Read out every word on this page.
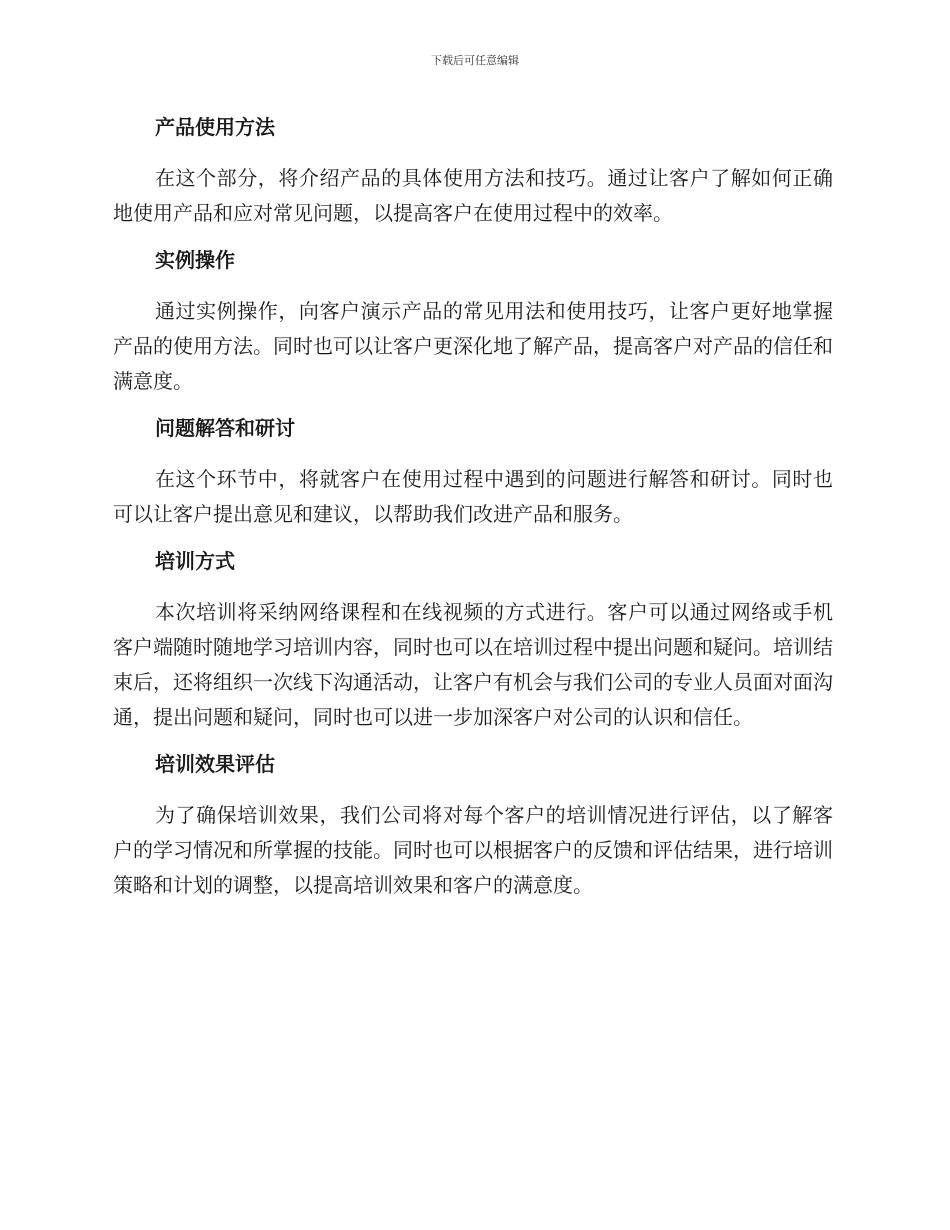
下载后可任意编辑
产品使用方法

在这个部分，将介绍产品的具体使用方法和技巧。通过让客户了解如何正确地使用产品和应对常见问题，以提高客户在使用过程中的效率。

实例操作

通过实例操作，向客户演示产品的常见用法和使用技巧，让客户更好地掌握产品的使用方法。同时也可以让客户更深化地了解产品，提高客户对产品的信任和满意度。

问题解答和研讨

在这个环节中，将就客户在使用过程中遇到的问题进行解答和研讨。同时也可以让客户提出意见和建议，以帮助我们改进产品和服务。

培训方式

本次培训将采纳网络课程和在线视频的方式进行。客户可以通过网络或手机客户端随时随地学习培训内容，同时也可以在培训过程中提出问题和疑问。培训结束后，还将组织一次线下沟通活动，让客户有机会与我们公司的专业人员面对面沟通，提出问题和疑问，同时也可以进一步加深客户对公司的认识和信任。

培训效果评估

为了确保培训效果，我们公司将对每个客户的培训情况进行评估，以了解客户的学习情况和所掌握的技能。同时也可以根据客户的反馈和评估结果，进行培训策略和计划的调整，以提高培训效果和客户的满意度。
